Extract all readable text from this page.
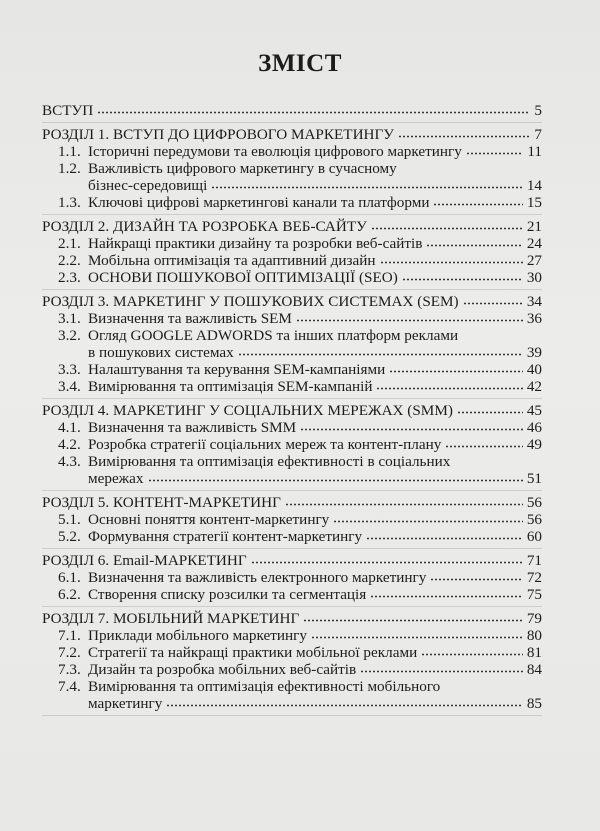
ЗМІСТ
ВСТУП	5
РОЗДІЛ 1. ВСТУП ДО ЦИФРОВОГО МАРКЕТИНГУ	7
1.1. Історичні передумови та еволюція цифрового маркетингу	11
1.2. Важливість цифрового маркетингу в сучасному
бізнес-середовищі	14
1.3. Ключові цифрові маркетингові канали та платформи	15
РОЗДІЛ 2. ДИЗАЙН ТА РОЗРОБКА ВЕБ-САЙТУ	21
2.1. Найкращі практики дизайну та розробки веб-сайтів	24
2.2. Мобільна оптимізація та адаптивний дизайн	27
2.3. ОСНОВИ ПОШУКОВОЇ ОПТИМІЗАЦІЇ (SEO)	30
РОЗДІЛ 3. МАРКЕТИНГ У ПОШУКОВИХ СИСТЕМАХ (SEM)	34
3.1. Визначення та важливість SEM	36
3.2. Огляд GOOGLE ADWORDS та інших платформ реклами
в пошукових системах	39
3.3. Налаштування та керування SEM-кампаніями	40
3.4. Вимірювання та оптимізація SEM-кампаній	42
РОЗДІЛ 4. МАРКЕТИНГ У СОЦІАЛЬНИХ МЕРЕЖАХ (SMM)	45
4.1. Визначення та важливість SMM	46
4.2. Розробка стратегії соціальних мереж та контент-плану	49
4.3. Вимірювання та оптимізація ефективності в соціальних
мережах	51
РОЗДІЛ 5. КОНТЕНТ-МАРКЕТИНГ	56
5.1. Основні поняття контент-маркетингу	56
5.2. Формування стратегії контент-маркетингу	60
РОЗДІЛ 6. Email-МАРКЕТИНГ	71
6.1. Визначення та важливість електронного маркетингу	72
6.2. Створення списку розсилки та сегментація	75
РОЗДІЛ 7. МОБІЛЬНИЙ МАРКЕТИНГ	79
7.1. Приклади мобільного маркетингу	80
7.2. Стратегії та найкращі практики мобільної реклами	81
7.3. Дизайн та розробка мобільних веб-сайтів	84
7.4. Вимірювання та оптимізація ефективності мобільного
маркетингу	85
